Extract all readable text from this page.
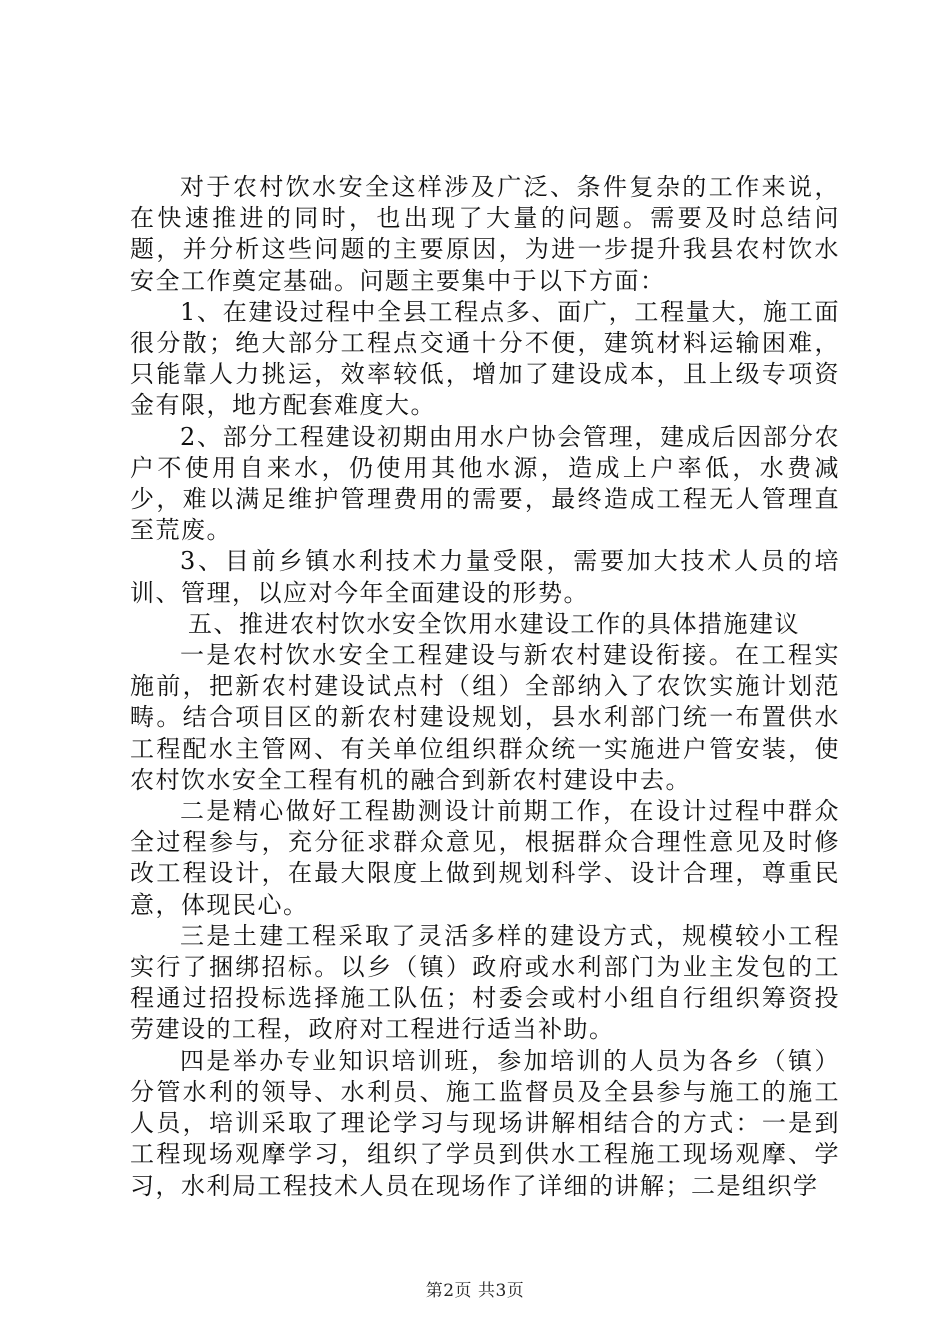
对于农村饮水安全这样涉及广泛、条件复杂的工作来说，在快速推进的同时，也出现了大量的问题。需要及时总结问题，并分析这些问题的主要原因，为进一步提升我县农村饮水安全工作奠定基础。问题主要集中于以下方面：

1、在建设过程中全县工程点多、面广，工程量大，施工面很分散；绝大部分工程点交通十分不便，建筑材料运输困难，只能靠人力挑运，效率较低，增加了建设成本，且上级专项资金有限，地方配套难度大。

2、部分工程建设初期由用水户协会管理，建成后因部分农户不使用自来水，仍使用其他水源，造成上户率低，水费减少，难以满足维护管理费用的需要，最终造成工程无人管理直至荒废。

3、目前乡镇水利技术力量受限，需要加大技术人员的培训、管理，以应对今年全面建设的形势。

五、推进农村饮水安全饮用水建设工作的具体措施建议

一是农村饮水安全工程建设与新农村建设衔接。在工程实施前，把新农村建设试点村（组）全部纳入了农饮实施计划范畴。结合项目区的新农村建设规划，县水利部门统一布置供水工程配水主管网、有关单位组织群众统一实施进户管安装，使农村饮水安全工程有机的融合到新农村建设中去。

二是精心做好工程勘测设计前期工作，在设计过程中群众全过程参与，充分征求群众意见，根据群众合理性意见及时修改工程设计，在最大限度上做到规划科学、设计合理，尊重民意，体现民心。

三是土建工程采取了灵活多样的建设方式，规模较小工程实行了捆绑招标。以乡（镇）政府或水利部门为业主发包的工程通过招投标选择施工队伍；村委会或村小组自行组织筹资投劳建设的工程，政府对工程进行适当补助。

四是举办专业知识培训班，参加培训的人员为各乡（镇）分管水利的领导、水利员、施工监督员及全县参与施工的施工人员，培训采取了理论学习与现场讲解相结合的方式：一是到工程现场观摩学习，组织了学员到供水工程施工现场观摩、学习，水利局工程技术人员在现场作了详细的讲解；二是组织学

第2页 共3页
